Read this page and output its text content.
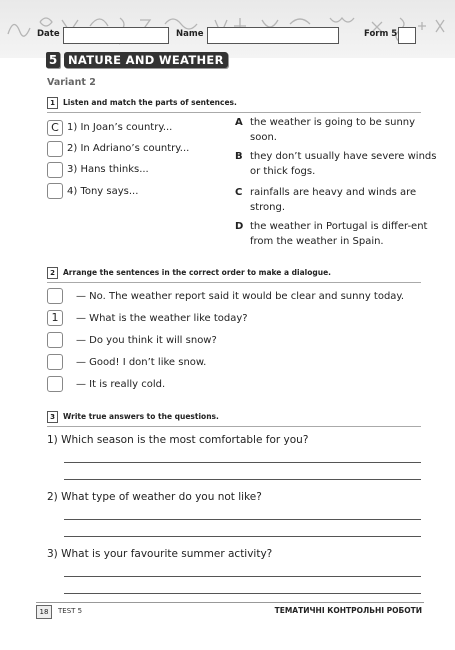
Date	Name	Form 5
5 NATURE AND WEATHER
Variant 2
1	Listen and match the parts of sentences.
C 1) In Joan’s country...
2) In Adriano’s country...
3) Hans thinks...
4) Tony says...
A the weather is going to be sunny soon.
B they don’t usually have severe winds or thick fogs.
C rainfalls are heavy and winds are strong.
D the weather in Portugal is differ-ent from the weather in Spain.
2	Arrange the sentences in the correct order to make a dialogue.
— No. The weather report said it would be clear and sunny today.
1	— What is the weather like today?
— Do you think it will snow?
— Good! I don’t like snow.
— It is really cold.
3	Write true answers to the questions.
1) Which season is the most comfortable for you?
2) What type of weather do you not like?
3) What is your favourite summer activity?
18	TEST 5	ТЕМАТИЧНІ КОНТРОЛЬНІ РОБОТИ
